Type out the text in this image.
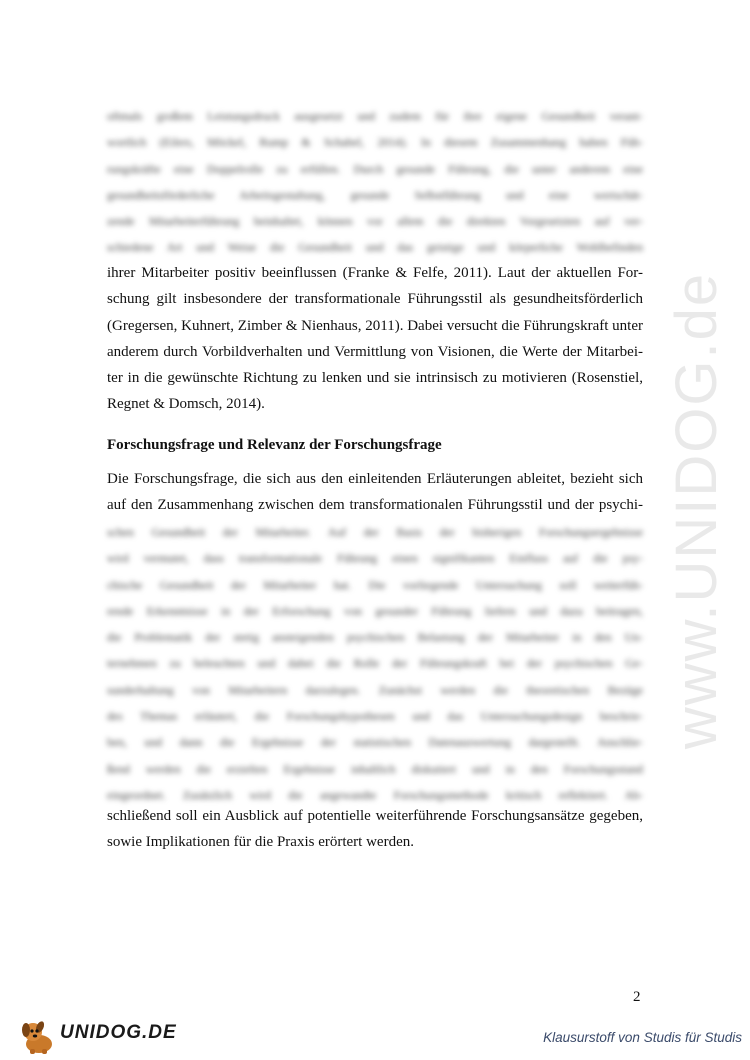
www.UNIDOG.de
oftmals großem Leistungsdruck ausgesetzt und zudem für ihre eigene Gesundheit verant-
wortlich (Eilers, Möckel, Rump & Schabel, 2014). In diesem Zusammenhang haben Füh-
rungskräfte eine Doppelrolle zu erfüllen. Durch gesunde Führung, die unter anderem eine
gesundheitsförderliche Arbeitsgestaltung, gesunde Selbstführung und eine wertschät-
zende Mitarbeiterführung beinhaltet, können vor allem die direkten Vorgesetzten auf ver-
schiedene Art und Weise die Gesundheit und das geistige und körperliche Wohlbefinden
ihrer Mitarbeiter positiv beeinflussen (Franke & Felfe, 2011). Laut der aktuellen For-
schung gilt insbesondere der transformationale Führungsstil als gesundheitsförderlich
(Gregersen, Kuhnert, Zimber & Nienhaus, 2011). Dabei versucht die Führungskraft unter
anderem durch Vorbildverhalten und Vermittlung von Visionen, die Werte der Mitarbei-
ter in die gewünschte Richtung zu lenken und sie intrinsisch zu motivieren (Rosenstiel,
Regnet & Domsch, 2014).
Forschungsfrage und Relevanz der Forschungsfrage
Die Forschungsfrage, die sich aus den einleitenden Erläuterungen ableitet, bezieht sich
auf den Zusammenhang zwischen dem transformationalen Führungsstil und der psychi-
schen Gesundheit der Mitarbeiter. Auf der Basis der bisherigen Forschungsergebnisse
wird vermutet, dass transformationale Führung einen signifikanten Einfluss auf die psy-
chische Gesundheit der Mitarbeiter hat. Die vorliegende Untersuchung soll weiterfüh-
rende Erkenntnisse in der Erforschung von gesunder Führung liefern und dazu beitragen,
die Problematik der stetig ansteigenden psychischen Belastung der Mitarbeiter in den Un-
ternehmen zu beleuchten und dabei die Rolle der Führungskraft bei der psychischen Ge-
sunderhaltung von Mitarbeitern darzulegen. Zunächst werden die theoretischen Bezüge
des Themas erläutert, die Forschungshypothesen und das Untersuchungsdesign beschrie-
ben, und dann die Ergebnisse der statistischen Datenauswertung dargestellt. Anschlie-
ßend werden die erzielten Ergebnisse inhaltlich diskutiert und in den Forschungsstand
eingeordnet. Zusätzlich wird die angewandte Forschungsmethode kritisch reflektiert. Ab-
schließend soll ein Ausblick auf potentielle weiterführende Forschungsansätze gegeben,
sowie Implikationen für die Praxis erörtert werden.
2
UNIDOG.DE	Klausurstoff von Studis für Studis
